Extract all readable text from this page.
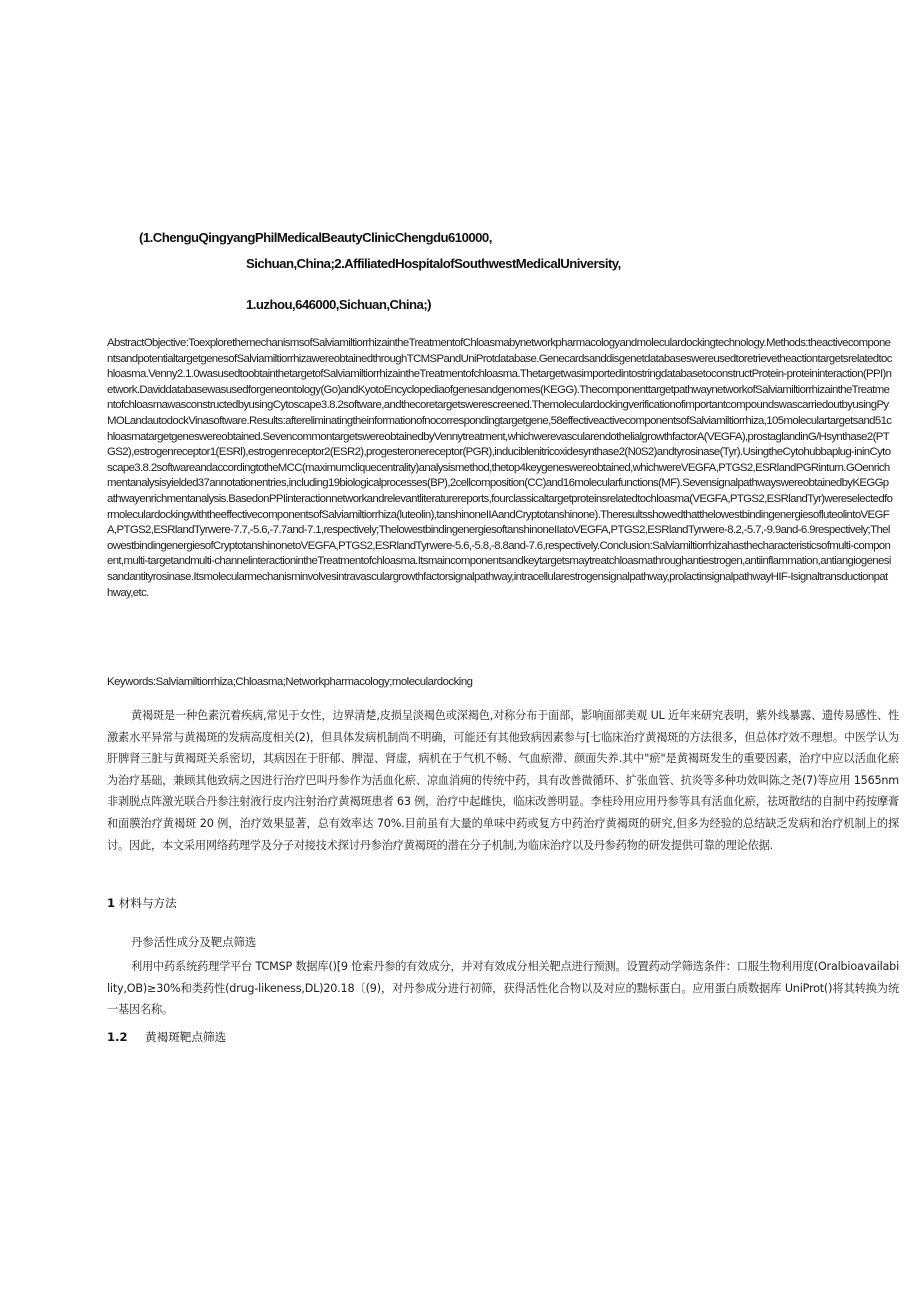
(1.ChenguQingyangPhilMedicalBeautyClinicChengdu610000,
Sichuan,China;2.AffiliatedHospitalofSouthwestMedicalUniversity,
1.uzhou,646000,Sichuan,China;)

AbstractObjective:ToexplorethemechanismsofSalviamiltiorrhizaintheTreatmentofChloasmabynetworkpharmacologyandmoleculardockingtechnology.Methods:theactivecomponentsandpotentialtargetgenesofSalviamiltiorrhizawereobtainedthroughTCMSPandUniProtdatabase.Genecardsanddisgenetdatabaseswereusedtoretrievetheactiontargetsrelatedtochloasma.Venny2.1.0wasusedtoobtainthetargetofSalviamiltiorrhizaintheTreatmentofchloasma.ThetargetwasimportedintostringdatabasetoconstructProtein-proteininteraction(PPI)network.Daviddatabasewasusedforgeneontology(Go)andKyotoEncyclopediaofgenesandgenomes(KEGG).ThecomponenttargetpathwaynetworkofSalviamiltiorrhizaintheTreatmentofchloasmawasconstructedbyusingCytoscape3.8.2software,andthecoretargetswerescreened.ThemoleculardockingverificationofimportantcompoundswascarriedoutbyusingPyMOLandautodockVinasoftware.Results:aftereliminatingtheinformationofnocorrespondingtargetgene,58effectiveactivecomponentsofSalviamiltiorrhiza,105moleculartargetsand51chloasmatargetgeneswereobtained.SevencommontargetswereobtainedbyVennytreatment,whichwerevascularendothelialgrowthfactorA(VEGFA),prostaglandinG/Hsynthase2(PTGS2),estrogenreceptor1(ESRl),estrogenreceptor2(ESR2),progesteronereceptor(PGR),induciblenitricoxidesynthase2(N0S2)andtyrosinase(Tyr).UsingtheCytohubbaplug-ininCytoscape3.8.2softwareandaccordingtotheMCC(maximumcliquecentrality)analysismethod,thetop4keygeneswereobtained,whichwereVEGFA,PTGS2,ESRlandPGRinturn.GOenrichmentanalysisyielded37annotationentries,including19biologicalprocesses(BP),2cellcomposition(CC)and16molecularfunctions(MF).SevensignalpathwayswereobtainedbyKEGGpathwayenrichmentanalysis.BasedonPPIinteractionnetworkandrelevantliteraturereports,fourclassicaltargetproteinsrelatedtochloasma(VEGFA,PTGS2,ESRlandTyr)wereselectedformoleculardockingwiththeeffectivecomponentsofSalviamiltiorrhiza(luteolin),tanshinoneIIAandCryptotanshinone).TheresultsshowedthatthelowestbindingenergiesofluteolintoVEGFA,PTGS2,ESRlandTyrwere-7.7,-5.6,-7.7and-7.1,respectively;ThelowestbindingenergiesoftanshinoneIIatoVEGFA,PTGS2,ESRlandTyrwere-8.2,-5.7,-9.9and-6.9respectively;ThelowestbindingenergiesofCryptotanshinonetoVEGFA,PTGS2,ESRlandTyrwere-5.6,-5.8,-8.8and-7.6,respectively.Conclusion:Salviamiltiorrhizahasthecharacteristicsofmulti-component,multi-targetandmulti-channelinteractionintheTreatmentofchloasma.Itsmaincomponentsandkeytargetsmaytreatchloasmathroughantiestrogen,antiinflammation,antiangiogenesisandantityrosinase.Itsmolecularmechanisminvolvesintravasculargrowthfactorsignalpathway,intracellularestrogensignalpathway,prolactinsignalpathwayHIF-Isignaltransductionpathway,etc.

Keywords:Salviamiltiorrhiza;Chloasma;Networkpharmacology;moleculardocking

黄褐斑是一种色素沉着疾病,常见于女性，边界清楚,皮损呈淡褐色或深褐色,对称分布于面部，影响面部美观 UL 近年来研究表明，紫外线暴露、遗传易感性、性激素水平异常与黄褐斑的发病高度相关(2)，但具体发病机制尚不明确，可能还有其他致病因素参与[七临床治疗黄褐斑的方法很多，但总体疗效不理想。中医学认为肝脾肾三脏与黄褐斑关系密切，其病因在于肝郁、脾湿、肾虚，病机在于气机不畅、气血瘀滞、颜面失养.其中"瘀"是黄褐斑发生的重要因素，治疗中应以活血化瘀为治疗基础，兼顾其他致病之因进行治疗巴叫丹参作为活血化瘀、凉血消痈的传统中药，具有改善微循环、扩张血管、抗炎等多种功效叫陈之尧(7)等应用 1565nm 非剥脱点阵激光联合丹参注射液行皮内注射治疗黄褐斑患者 63 例，治疗中起雌快，临床改善明显。李桂玲用应用丹参等具有活血化瘀，祛斑散结的自制中药按摩膏和面膜治疗黄褐斑 20 例，治疗效果显著，总有效率达 70%.目前虽有大量的单味中药或复方中药治疗黄褐斑的研究,但多为经验的总结缺乏发病和治疗机制上的探讨。因此，本文采用网络药理学及分子对接技术探讨丹参治疗黄褐斑的潜在分子机制,为临床治疗以及丹参药物的研发提供可靠的理论依据.

1 材料与方法

丹参活性成分及靶点筛选

利用中药系统药理学平台 TCMSP 数据库()[9 怆索丹参的有效成分，并对有效成分相关靶点进行预测。设置药动学筛选条件：口服生物利用度(Oralbioavailability,OB)≥30%和类药性(drug-likeness,DL)20.18〔(9)，对丹参成分进行初筛，获得活性化合物以及对应的黜标蛋白。应用蛋白质数据库 UniProt()将其转换为统一基因名称。

1.2 黄褐斑靶点筛选
